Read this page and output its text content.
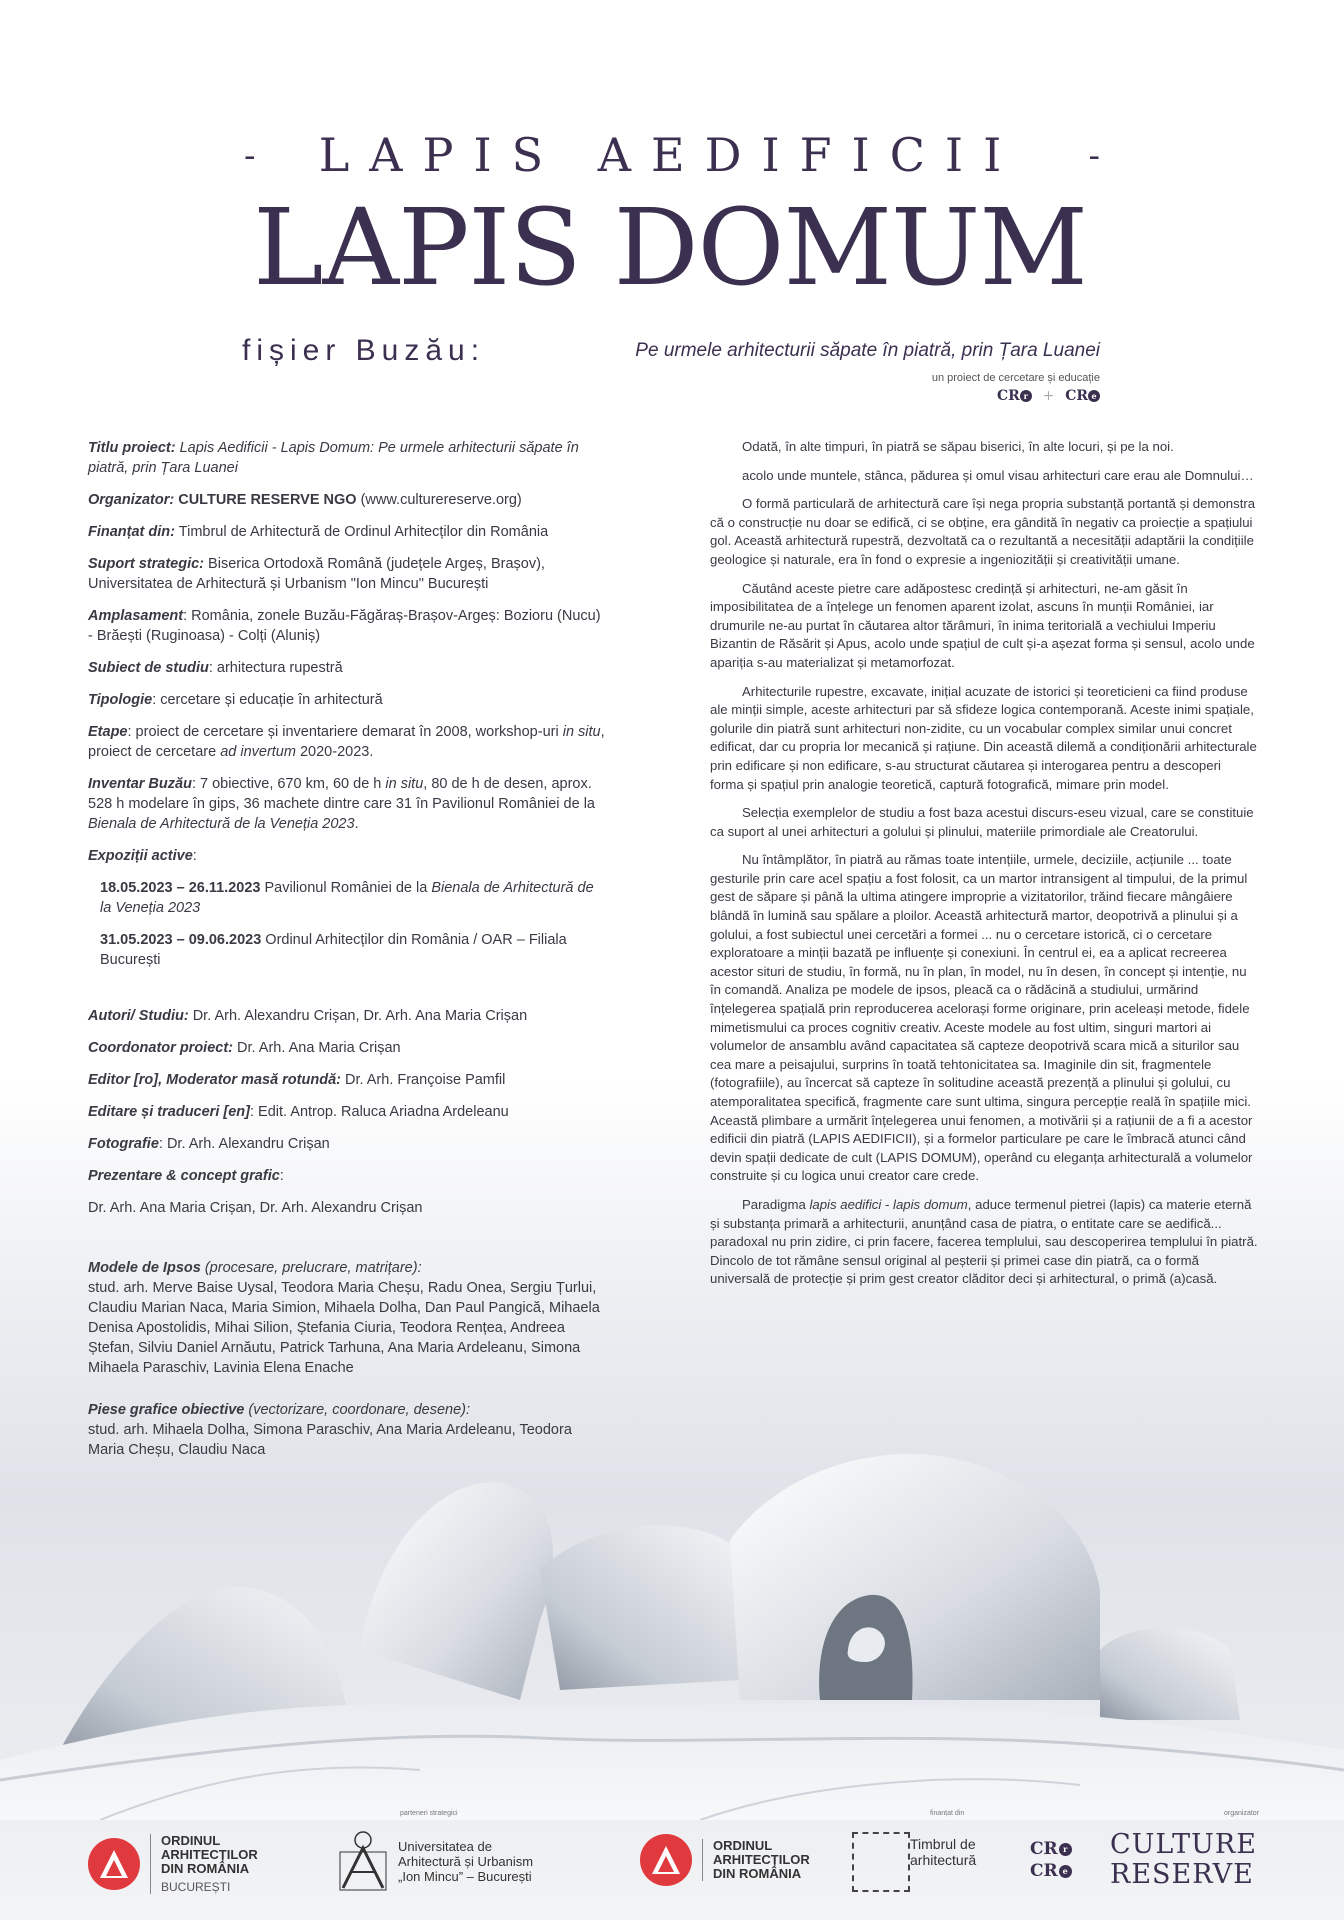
-	LAPIS AEDIFICII	-
LAPIS DOMUM
fișier Buzău:	Pe urmele arhitecturii săpate în piatră, prin Țara Luanei
un proiect de cercetare și educație
CR r + CR e

Titlu proiect: Lapis Aedificii - Lapis Domum: Pe urmele arhitecturii săpate în piatră, prin Țara Luanei

Organizator: CULTURE RESERVE NGO (www.culturereserve.org)

Finanțat din: Timbrul de Arhitectură de Ordinul Arhitecților din România

Suport strategic: Biserica Ortodoxă Română (județele Argeș, Brașov), Universitatea de Arhitectură și Urbanism "Ion Mincu" București

Amplasament: România, zonele Buzău-Făgăraș-Brașov-Argeș: Bozioru (Nucu) - Brăești (Ruginoasa) - Colți (Aluniș)

Subiect de studiu: arhitectura rupestră

Tipologie: cercetare și educație în arhitectură

Etape: proiect de cercetare și inventariere demarat în 2008, workshop-uri in situ, proiect de cercetare ad invertum 2020-2023.

Inventar Buzău: 7 obiective, 670 km, 60 de h in situ, 80 de h de desen, aprox. 528 h modelare în gips, 36 machete dintre care 31 în Pavilionul României de la Bienala de Arhitectură de la Veneția 2023.

Expoziții active:

18.05.2023 – 26.11.2023 Pavilionul României de la Bienala de Arhitectură de la Veneția 2023

31.05.2023 – 09.06.2023 Ordinul Arhitecților din România / OAR – Filiala București

Autori/ Studiu: Dr. Arh. Alexandru Crișan, Dr. Arh. Ana Maria Crișan

Coordonator proiect: Dr. Arh. Ana Maria Crișan

Editor [ro], Moderator masă rotundă: Dr. Arh. Françoise Pamfil

Editare și traduceri [en]: Edit. Antrop. Raluca Ariadna Ardeleanu

Fotografie: Dr. Arh. Alexandru Crișan

Prezentare & concept grafic:

Dr. Arh. Ana Maria Crișan, Dr. Arh. Alexandru Crișan

Modele de Ipsos (procesare, prelucrare, matrițare):

stud. arh. Merve Baise Uysal, Teodora Maria Cheșu, Radu Onea, Sergiu Țurlui, Claudiu Marian Naca, Maria Simion, Mihaela Dolha, Dan Paul Pangică, Mihaela Denisa Apostolidis, Mihai Silion, Ștefania Ciuria, Teodora Rențea, Andreea Ștefan, Silviu Daniel Arnăutu, Patrick Tarhuna, Ana Maria Ardeleanu, Simona Mihaela Paraschiv, Lavinia Elena Enache

Piese grafice obiective (vectorizare, coordonare, desene):

stud. arh. Mihaela Dolha, Simona Paraschiv, Ana Maria Ardeleanu, Teodora Maria Cheșu, Claudiu Naca

Odată, în alte timpuri, în piatră se săpau biserici, în alte locuri, și pe la noi.

acolo unde muntele, stânca, pădurea și omul visau arhitecturi care erau ale Domnului…

O formă particulară de arhitectură care își nega propria substanță portantă și demonstra că o construcție nu doar se edifică, ci se obține, era gândită în negativ ca proiecție a spațiului gol. Această arhitectură rupestră, dezvoltată ca o rezultantă a necesității adaptării la condițiile geologice și naturale, era în fond o expresie a ingeniozității și creativității umane.

Căutând aceste pietre care adăpostesc credință și arhitecturi, ne-am găsit în imposibilitatea de a înțelege un fenomen aparent izolat, ascuns în munții României, iar drumurile ne-au purtat în căutarea altor tărâmuri, în inima teritorială a vechiului Imperiu Bizantin de Răsărit și Apus, acolo unde spațiul de cult și-a așezat forma și sensul, acolo unde apariția s-au materializat și metamorfozat.

Arhitecturile rupestre, excavate, inițial acuzate de istorici și teoreticieni ca fiind produse ale minții simple, aceste arhitecturi par să sfideze logica contemporană. Aceste inimi spațiale, golurile din piatră sunt arhitecturi non-zidite, cu un vocabular complex similar unui concret edificat, dar cu propria lor mecanică și rațiune. Din această dilemă a condiționării arhitecturale prin edificare și non edificare, s-au structurat căutarea și interogarea pentru a descoperi forma și spațiul prin analogie teoretică, captură fotografică, mimare prin model.

Selecția exemplelor de studiu a fost baza acestui discurs-eseu vizual, care se constituie ca suport al unei arhitecturi a golului și plinului, materiile primordiale ale Creatorului.

Nu întâmplător, în piatră au rămas toate intențiile, urmele, deciziile, acțiunile ... toate gesturile prin care acel spațiu a fost folosit, ca un martor intransigent al timpului, de la primul gest de săpare și până la ultima atingere improprie a vizitatorilor, trăind fiecare mângâiere blândă în lumină sau spălare a ploilor. Această arhitectură martor, deopotrivă a plinului și a golului, a fost subiectul unei cercetări a formei ... nu o cercetare istorică, ci o cercetare exploratoare a minții bazată pe influențe și conexiuni. În centrul ei, ea a aplicat recreerea acestor situri de studiu, în formă, nu în plan, în model, nu în desen, în concept și intenție, nu în comandă. Analiza pe modele de ipsos, pleacă ca o rădăcină a studiului, urmărind înțelegerea spațială prin reproducerea acelorași forme originare, prin aceleași metode, fidele mimetismului ca proces cognitiv creativ. Aceste modele au fost ultim, singuri martori ai volumelor de ansamblu având capacitatea să capteze deopotrivă scara mică a siturilor sau cea mare a peisajului, surprins în toată tehtonicitatea sa. Imaginile din sit, fragmentele (fotografiile), au încercat să capteze în solitudine această prezență a plinului și golului, cu atemporalitatea specifică, fragmente care sunt ultima, singura percepție reală în spațiile mici. Această plimbare a urmărit înțelegerea unui fenomen, a motivării și a rațiunii de a fi a acestor edificii din piatră (LAPIS AEDIFICII), și a formelor particulare pe care le îmbracă atunci când devin spații dedicate de cult (LAPIS DOMUM), operând cu eleganța arhitecturală a volumelor construite și cu logica unui creator care crede.

Paradigma lapis aedifici - lapis domum, aduce termenul pietrei (lapis) ca materie eternă și substanța primară a arhitecturii, anunțând casa de piatra, o entitate care se aedifică... paradoxal nu prin zidire, ci prin facere, facerea templului, sau descoperirea templului în piatră. Dincolo de tot rămâne sensul original al peșterii și primei case din piatră, ca o formă universală de protecție și prim gest creator clăditor deci și arhitectural, o primă (a)casă.

parteneri strategici	finanțat din	organizator
ORDINUL
ARHITECȚILOR
DIN ROMÂNIA
BUCUREȘTI
Universitatea de
Arhitectură și Urbanism
„Ion Mincu” – București
ORDINUL
ARHITECȚILOR
DIN ROMÂNIA
Timbrul de
arhitectură
CR r
CR e
CULTURE
RESERVE
